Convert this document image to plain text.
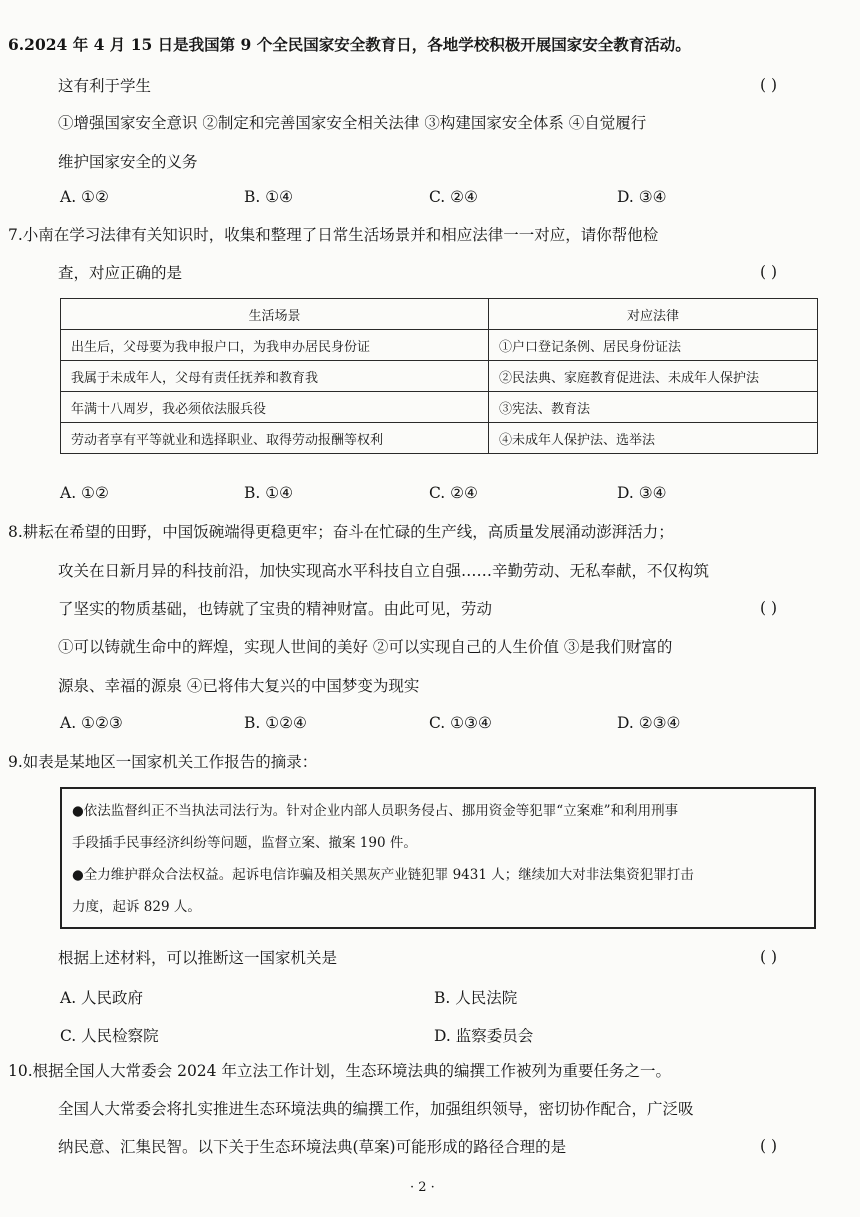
6.2024 年 4 月 15 日是我国第 9 个全民国家安全教育日，各地学校积极开展国家安全教育活动。
这有利于学生	( )
①增强国家安全意识 ②制定和完善国家安全相关法律 ③构建国家安全体系 ④自觉履行
维护国家安全的义务
A. ①②	B. ①④	C. ②④	D. ③④
7.小南在学习法律有关知识时，收集和整理了日常生活场景并和相应法律一一对应，请你帮他检
查，对应正确的是	( )
生活场景	对应法律
出生后，父母要为我申报户口，为我申办居民身份证	①户口登记条例、居民身份证法
我属于未成年人，父母有责任抚养和教育我	②民法典、家庭教育促进法、未成年人保护法
年满十八周岁，我必须依法服兵役	③宪法、教育法
劳动者享有平等就业和选择职业、取得劳动报酬等权利	④未成年人保护法、选举法
A. ①②	B. ①④	C. ②④	D. ③④
8.耕耘在希望的田野，中国饭碗端得更稳更牢；奋斗在忙碌的生产线，高质量发展涌动澎湃活力；
攻关在日新月异的科技前沿，加快实现高水平科技自立自强……辛勤劳动、无私奉献，不仅构筑
了坚实的物质基础，也铸就了宝贵的精神财富。由此可见，劳动	( )
①可以铸就生命中的辉煌，实现人世间的美好 ②可以实现自己的人生价值 ③是我们财富的
源泉、幸福的源泉 ④已将伟大复兴的中国梦变为现实
A. ①②③	B. ①②④	C. ①③④	D. ②③④
9.如表是某地区一国家机关工作报告的摘录：

●依法监督纠正不当执法司法行为。针对企业内部人员职务侵占、挪用资金等犯罪“立案难”和利用刑事

手段插手民事经济纠纷等问题，监督立案、撤案 190 件。

●全力维护群众合法权益。起诉电信诈骗及相关黑灰产业链犯罪 9431 人；继续加大对非法集资犯罪打击

力度，起诉 829 人。

根据上述材料，可以推断这一国家机关是	( )
A. 人民政府	B. 人民法院
C. 人民检察院	D. 监察委员会
10.根据全国人大常委会 2024 年立法工作计划，生态环境法典的编撰工作被列为重要任务之一。
全国人大常委会将扎实推进生态环境法典的编撰工作，加强组织领导，密切协作配合，广泛吸
纳民意、汇集民智。以下关于生态环境法典(草案)可能形成的路径合理的是	( )
· 2 ·
